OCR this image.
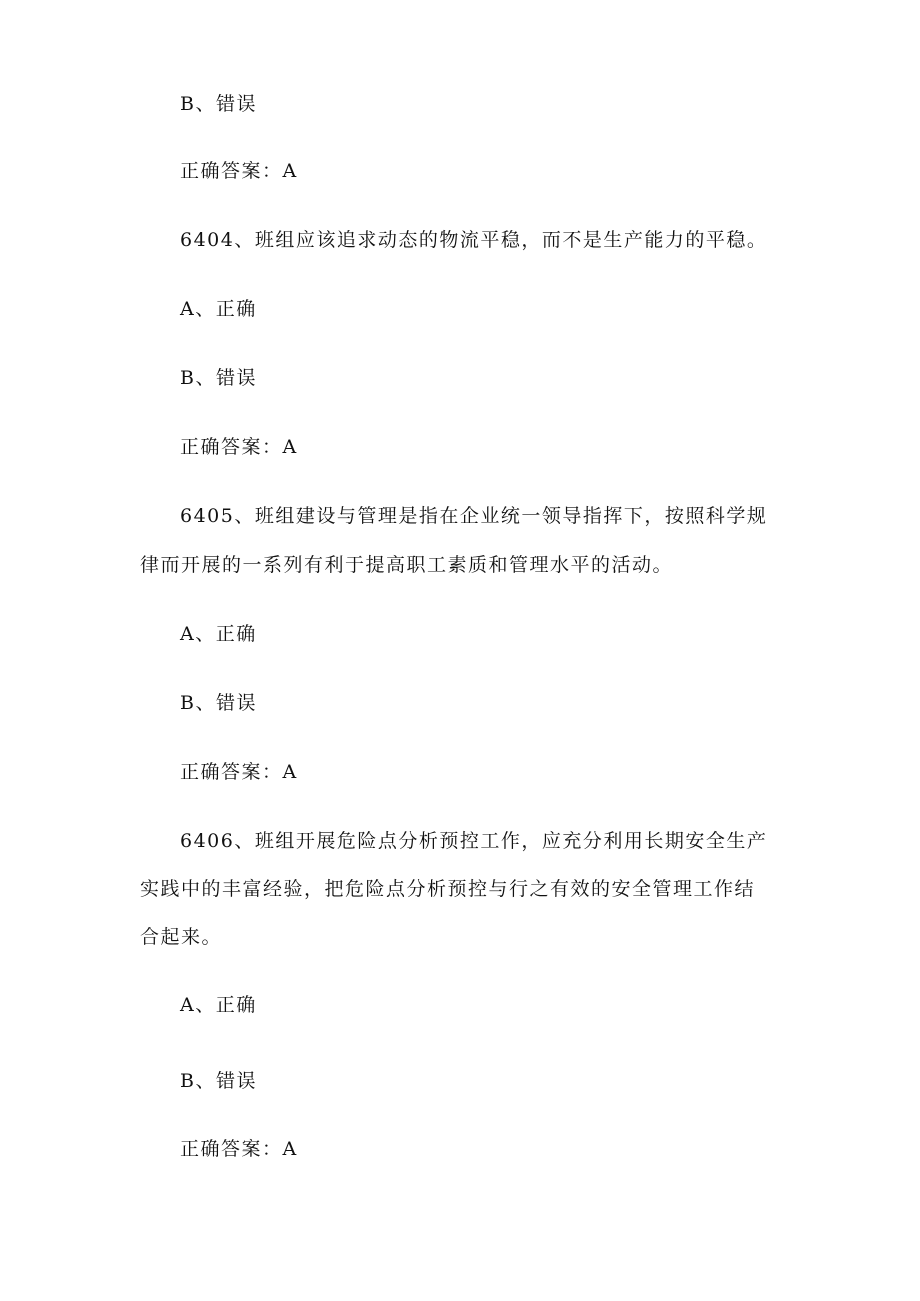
B、错误
正确答案：A
6404、班组应该追求动态的物流平稳，而不是生产能力的平稳。
A、正确
B、错误
正确答案：A
6405、班组建设与管理是指在企业统一领导指挥下，按照科学规
律而开展的一系列有利于提高职工素质和管理水平的活动。
A、正确
B、错误
正确答案：A
6406、班组开展危险点分析预控工作，应充分利用长期安全生产
实践中的丰富经验，把危险点分析预控与行之有效的安全管理工作结
合起来。
A、正确
B、错误
正确答案：A
